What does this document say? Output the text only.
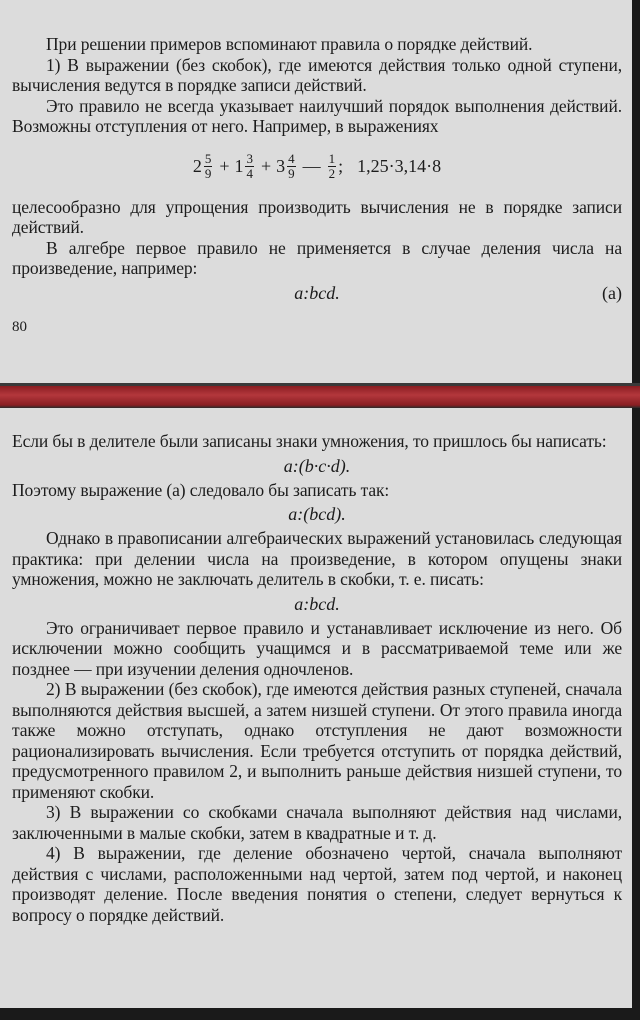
При решении примеров вспоминают правила о порядке действий.

1) В выражении (без скобок), где имеются действия только одной ступени, вычисления ведутся в порядке записи действий.

Это правило не всегда указывает наилучший порядок выполнения действий. Возможны отступления от него. Например, в выражениях

$2 \frac{5}{9} + 1 \frac{3}{4} + 3 \frac{4}{9}$ — $\frac{1}{2}$ ; 1,25·3,14·8

целесообразно для упрощения производить вычисления не в порядке записи действий.

В алгебре первое правило не применяется в случае деления числа на произведение, например:

a:bcd.	(а)
80

Если бы в делителе были записаны знаки умножения, то пришлось бы написать:

a:(b·c·d).

Поэтому выражение (а) следовало бы записать так:

a:(bcd).

Однако в правописании алгебраических выражений установилась следующая практика: при делении числа на произведение, в котором опущены знаки умножения, можно не заключать делитель в скобки, т. е. писать:

a:bcd.

Это ограничивает первое правило и устанавливает исключение из него. Об исключении можно сообщить учащимся и в рассматриваемой теме или же позднее — при изучении деления одночленов.

2) В выражении (без скобок), где имеются действия разных ступеней, сначала выполняются действия высшей, а затем низшей ступени. От этого правила иногда также можно отступать, однако отступления не дают возможности рационализировать вычисления. Если требуется отступить от порядка действий, предусмотренного правилом 2, и выполнить раньше действия низшей ступени, то применяют скобки.

3) В выражении со скобками сначала выполняют действия над числами, заключенными в малые скобки, затем в квадратные и т. д.

4) В выражении, где деление обозначено чертой, сначала выполняют действия с числами, расположенными над чертой, затем под чертой, и наконец производят деление. После введения понятия о степени, следует вернуться к вопросу о порядке действий.
